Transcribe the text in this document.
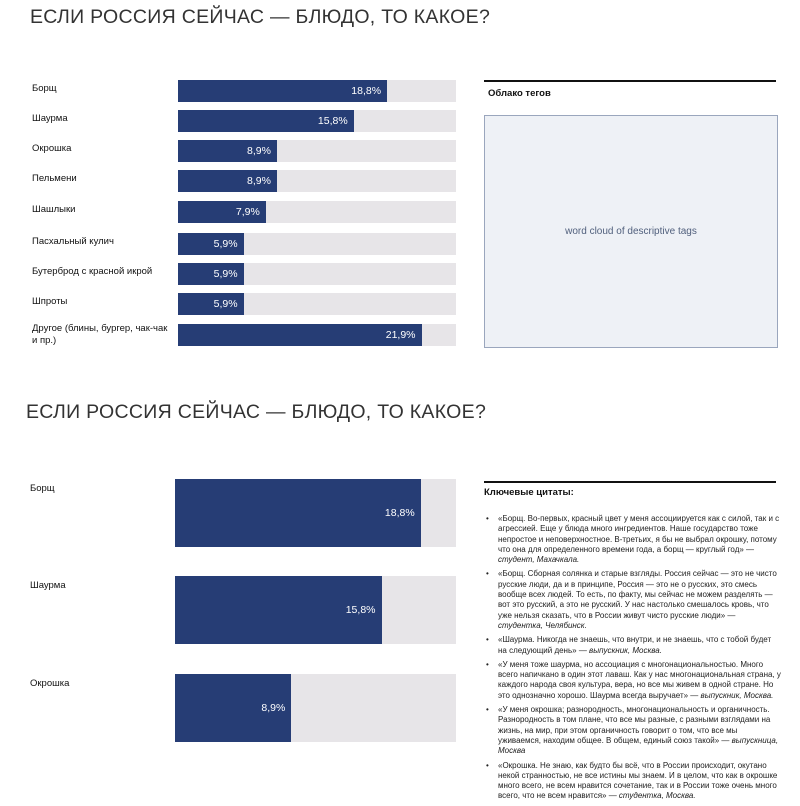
ЕСЛИ РОССИЯ СЕЙЧАС — БЛЮДО, ТО КАКОЕ?
Борщ	18,8%
Шаурма	15,8%
Окрошка	8,9%
Пельмени	8,9%
Шашлыки	7,9%
Пасхальный кулич	5,9%
Бутерброд с красной икрой	5,9%
Шпроты	5,9%
Другое (блины, бургер, чак-чак и пр.)	21,9%
Облако тегов
word cloud of descriptive tags
ЕСЛИ РОССИЯ СЕЙЧАС — БЛЮДО, ТО КАКОЕ?
Борщ
18,8%
Шаурма
15,8%
Окрошка
8,9%
Ключевые цитаты:
• «Борщ. Во-первых, красный цвет у меня ассоциируется как с силой, так и с агрессией. Еще у блюда много ингредиентов. Наше государство тоже непростое и неповерхностное. В-третьих, я бы не выбрал окрошку, потому что она для определенного времени года, а борщ — круглый год» — студент, Махачкала.
• «Борщ. Сборная солянка и старые взгляды. Россия сейчас — это не чисто русские люди, да и в принципе, Россия — это не о русских, это смесь вообще всех людей. То есть, по факту, мы сейчас не можем разделять — вот это русский, а это не русский. У нас настолько смешалось кровь, что уже нельзя сказать, что в России живут чисто русские люди» — студентка, Челябинск.
• «Шаурма. Никогда не знаешь, что внутри, и не знаешь, что с тобой будет на следующий день» — выпускник, Москва.
• «У меня тоже шаурма, но ассоциация с многонациональностью. Много всего напичкано в один этот лаваш. Как у нас многонациональная страна, у каждого народа своя культура, вера, но все мы живем в одной стране. Но это однозначно хорошо. Шаурма всегда выручает» — выпускник, Москва.
• «У меня окрошка; разнородность, многонациональность и органичность. Разнородность в том плане, что все мы разные, с разными взглядами на жизнь, на мир, при этом органичность говорит о том, что все мы уживаемся, находим общее. В общем, единый союз такой» — выпускница, Москва
• «Окрошка. Не знаю, как будто бы всё, что в России происходит, окутано некой странностью, не все истины мы знаем. И в целом, что как в окрошке много всего, не всем нравится сочетание, так и в России тоже очень много всего, что не всем нравится» — студентка, Москва.
